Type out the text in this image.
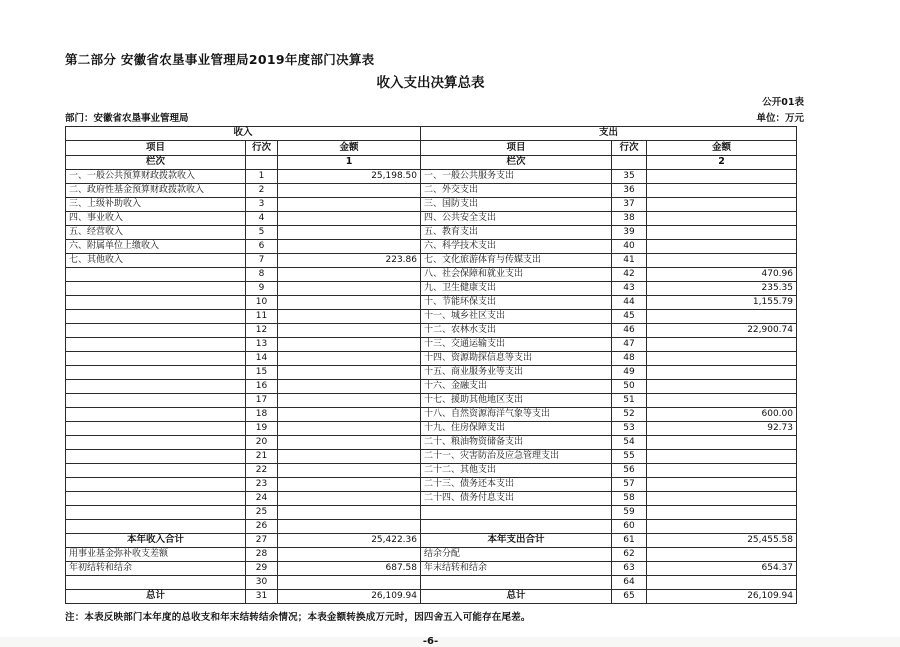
第二部分 安徽省农垦事业管理局2019年度部门决算表
收入支出决算总表
公开01表
部门：安徽省农垦事业管理局	单位：万元
收入			支出		
项目	行次	金额	项目	行次	金额
栏次		1	栏次		2
一、一般公共预算财政拨款收入	1	25,198.50	一、一般公共服务支出	35	
二、政府性基金预算财政拨款收入	2		二、外交支出	36	
三、上级补助收入	3		三、国防支出	37	
四、事业收入	4		四、公共安全支出	38	
五、经营收入	5		五、教育支出	39	
六、附属单位上缴收入	6		六、科学技术支出	40	
七、其他收入	7	223.86	七、文化旅游体育与传媒支出	41	
	8		八、社会保障和就业支出	42	470.96
	9		九、卫生健康支出	43	235.35
	10		十、节能环保支出	44	1,155.79
	11		十一、城乡社区支出	45	
	12		十二、农林水支出	46	22,900.74
	13		十三、交通运输支出	47	
	14		十四、资源勘探信息等支出	48	
	15		十五、商业服务业等支出	49	
	16		十六、金融支出	50	
	17		十七、援助其他地区支出	51	
	18		十八、自然资源海洋气象等支出	52	600.00
	19		十九、住房保障支出	53	92.73
	20		二十、粮油物资储备支出	54	
	21		二十一、灾害防治及应急管理支出	55	
	22		二十二、其他支出	56	
	23		二十三、债务还本支出	57	
	24		二十四、债务付息支出	58	
	25			59	
	26			60	
本年收入合计	27	25,422.36	本年支出合计	61	25,455.58
用事业基金弥补收支差额	28		结余分配	62	
年初结转和结余	29	687.58	年末结转和结余	63	654.37
	30			64	
总计	31	26,109.94	总计	65	26,109.94
注：本表反映部门本年度的总收支和年末结转结余情况；本表金额转换成万元时，因四舍五入可能存在尾差。
-6-
